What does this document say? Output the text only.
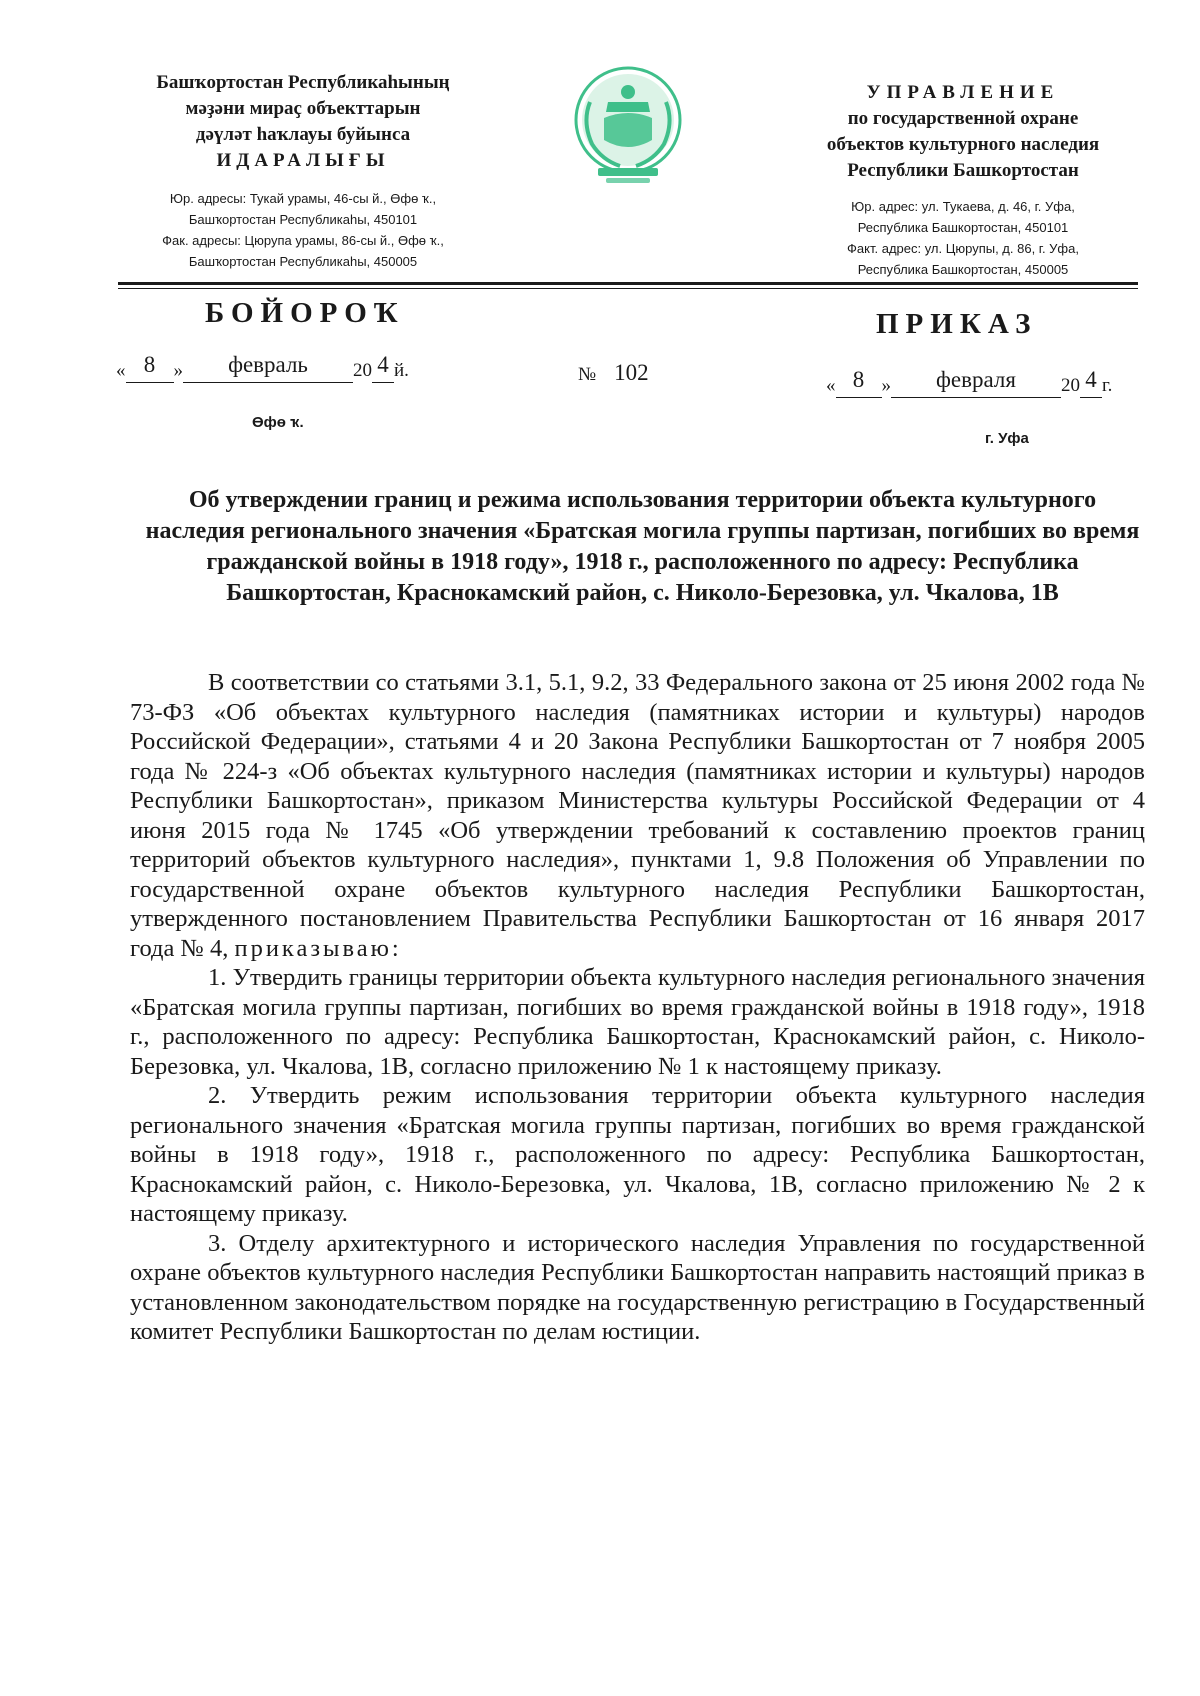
Башҡортостан Республикаһының
мәҙәни мираҫ объекттарын
дәүләт һаҡлауы буйынса
ИДАРАЛЫҒЫ
Юр. адресы: Тукай урамы, 46-сы й., Өфө ҡ.,
Башҡортостан Республикаһы, 450101
Фак. адресы: Цюрупа урамы, 86-сы й., Өфө ҡ.,
Башҡортостан Республикаһы, 450005
УПРАВЛЕНИЕ
по государственной охране
объектов культурного наследия
Республики Башкортостан
Юр. адрес: ул. Тукаева, д. 46, г. Уфа,
Республика Башкортостан, 450101
Факт. адрес: ул. Цюрупы, д. 86, г. Уфа,
Республика Башкортостан, 450005
БОЙОРОҠ	ПРИКАЗ
« 8 » февраль 20 4 й.	№ 102
« 8 » февраля 20 4 г.
Өфө ҡ.
г. Уфа
Об утверждении границ и режима использования территории объекта культурного наследия регионального значения «Братская могила группы партизан, погибших во время гражданской войны в 1918 году», 1918 г., расположенного по адресу: Республика Башкортостан, Краснокамский район, с. Николо-Березовка, ул. Чкалова, 1В

В соответствии со статьями 3.1, 5.1, 9.2, 33 Федерального закона от 25 июня 2002 года № 73-ФЗ «Об объектах культурного наследия (памятниках истории и культуры) народов Российской Федерации», статьями 4 и 20 Закона Республики Башкортостан от 7 ноября 2005 года № 224-з «Об объектах культурного наследия (памятниках истории и культуры) народов Республики Башкортостан», приказом Министерства культуры Российской Федерации от 4 июня 2015 года № 1745 «Об утверждении требований к составлению проектов границ территорий объектов культурного наследия», пунктами 1, 9.8 Положения об Управлении по государственной охране объектов культурного наследия Республики Башкортостан, утвержденного постановлением Правительства Республики Башкортостан от 16 января 2017 года № 4, приказываю:

1. Утвердить границы территории объекта культурного наследия регионального значения «Братская могила группы партизан, погибших во время гражданской войны в 1918 году», 1918 г., расположенного по адресу: Республика Башкортостан, Краснокамский район, с. Николо-Березовка, ул. Чкалова, 1В, согласно приложению № 1 к настоящему приказу.

2. Утвердить режим использования территории объекта культурного наследия регионального значения «Братская могила группы партизан, погибших во время гражданской войны в 1918 году», 1918 г., расположенного по адресу: Республика Башкортостан, Краснокамский район, с. Николо-Березовка, ул. Чкалова, 1В, согласно приложению № 2 к настоящему приказу.

3. Отделу архитектурного и исторического наследия Управления по государственной охране объектов культурного наследия Республики Башкортостан направить настоящий приказ в установленном законодательством порядке на государственную регистрацию в Государственный комитет Республики Башкортостан по делам юстиции.
